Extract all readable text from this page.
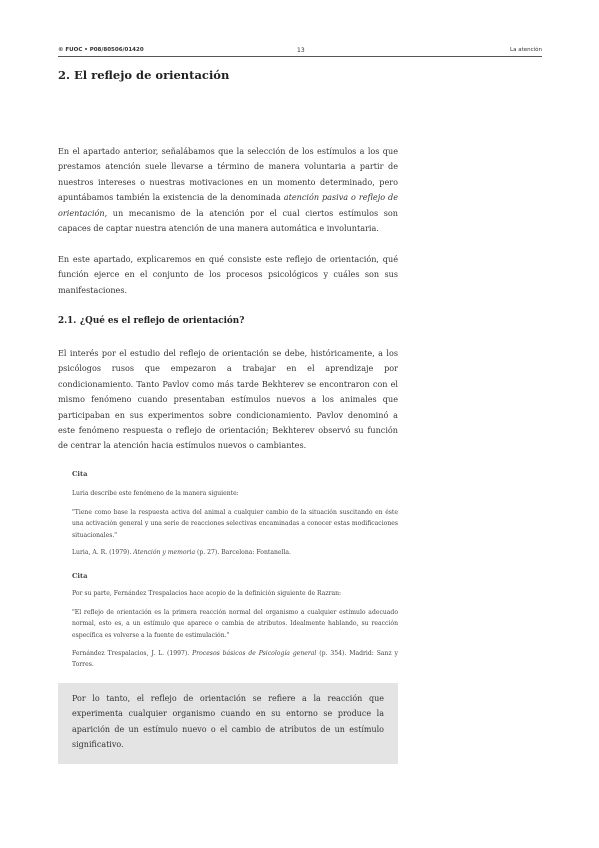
© FUOC • P08/80506/01420	13	La atención
2. El reflejo de orientación

En el apartado anterior, señalábamos que la selección de los estímulos a los que prestamos atención suele llevarse a término de manera voluntaria a partir de nuestros intereses o nuestras motivaciones en un momento determinado, pero apuntábamos también la existencia de la denominada atención pasiva o reflejo de orientación, un mecanismo de la atención por el cual ciertos estímulos son capaces de captar nuestra atención de una manera automática e involuntaria.

En este apartado, explicaremos en qué consiste este reflejo de orientación, qué función ejerce en el conjunto de los procesos psicológicos y cuáles son sus manifestaciones.

2.1. ¿Qué es el reflejo de orientación?

El interés por el estudio del reflejo de orientación se debe, históricamente, a los psicólogos rusos que empezaron a trabajar en el aprendizaje por condicionamiento. Tanto Pavlov como más tarde Bekhterev se encontraron con el mismo fenómeno cuando presentaban estímulos nuevos a los animales que participaban en sus experimentos sobre condicionamiento. Pavlov denominó a este fenómeno respuesta o reflejo de orientación; Bekhterev observó su función de centrar la atención hacia estímulos nuevos o cambiantes.

Cita

Luria describe este fenómeno de la manera siguiente:

"Tiene como base la respuesta activa del animal a cualquier cambio de la situación suscitando en éste una activación general y una serie de reacciones selectivas encaminadas a conocer estas modificaciones situacionales."

Luria, A. R. (1979). Atención y memoria (p. 27). Barcelona: Fontanella.

Cita

Por su parte, Fernández Trespalacios hace acopio de la definición siguiente de Razran:

"El reflejo de orientación es la primera reacción normal del organismo a cualquier estímulo adecuado normal, esto es, a un estímulo que aparece o cambia de atributos. Idealmente hablando, su reacción específica es volverse a la fuente de estimulación."

Fernández Trespalacios, J. L. (1997). Procesos básicos de Psicología general (p. 354). Madrid: Sanz y Torres.

Por lo tanto, el reflejo de orientación se refiere a la reacción que experimenta cualquier organismo cuando en su entorno se produce la aparición de un estímulo nuevo o el cambio de atributos de un estímulo significativo.
